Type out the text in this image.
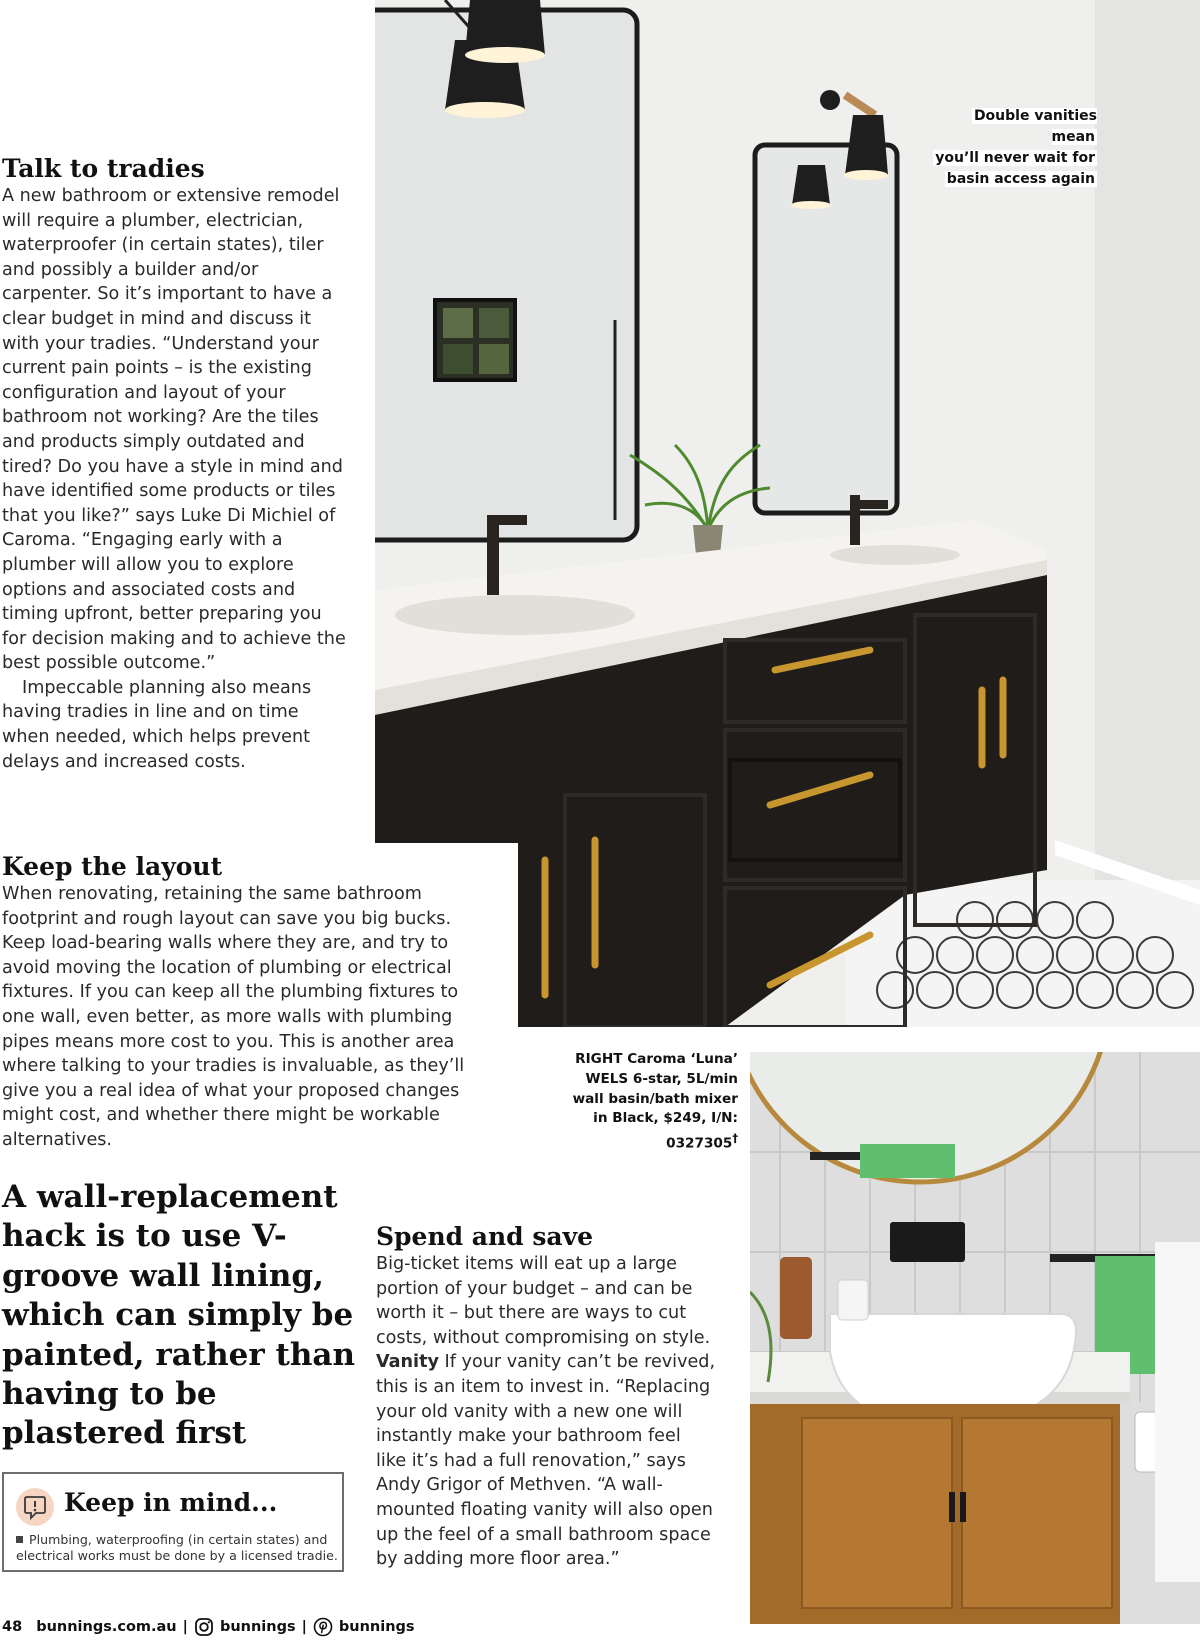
Double vanities mean
you’ll never wait for
basin access again
Talk to tradies

A new bathroom or extensive remodel will require a plumber, electrician, waterproofer (in certain states), tiler and possibly a builder and/or carpenter. So it’s important to have a clear budget in mind and discuss it with your tradies. “Understand your current pain points – is the existing configuration and layout of your bathroom not working? Are the tiles and products simply outdated and tired? Do you have a style in mind and have identified some products or tiles that you like?” says Luke Di Michiel of Caroma. “Engaging early with a plumber will allow you to explore options and associated costs and timing upfront, better preparing you for decision making and to achieve the best possible outcome.”

Impeccable planning also means having tradies in line and on time when needed, which helps prevent delays and increased costs.

Keep the layout

When renovating, retaining the same bathroom footprint and rough layout can save you big bucks. Keep load-bearing walls where they are, and try to avoid moving the location of plumbing or electrical fixtures. If you can keep all the plumbing fixtures to one wall, even better, as more walls with plumbing pipes means more cost to you. This is another area where talking to your tradies is invaluable, as they’ll give you a real idea of what your proposed changes might cost, and whether there might be workable alternatives.

RIGHT Caroma ‘Luna’ WELS 6-star, 5L/min wall basin/bath mixer in Black, $249, I/N: 0327305†

A wall-replacement hack is to use V-groove wall lining, which can simply be painted, rather than having to be plastered first

Spend and save

Big-ticket items will eat up a large portion of your budget – and can be worth it – but there are ways to cut costs, without compromising on style.

Vanity If your vanity can’t be revived, this is an item to invest in. “Replacing your old vanity with a new one will instantly make your bathroom feel like it’s had a full renovation,” says Andy Grigor of Methven. “A wall-mounted floating vanity will also open up the feel of a small bathroom space by adding more floor area.”

Keep in mind...
Plumbing, waterproofing (in certain states) and electrical works must be done by a licensed tradie.
48 bunnings.com.au | bunnings | bunnings
